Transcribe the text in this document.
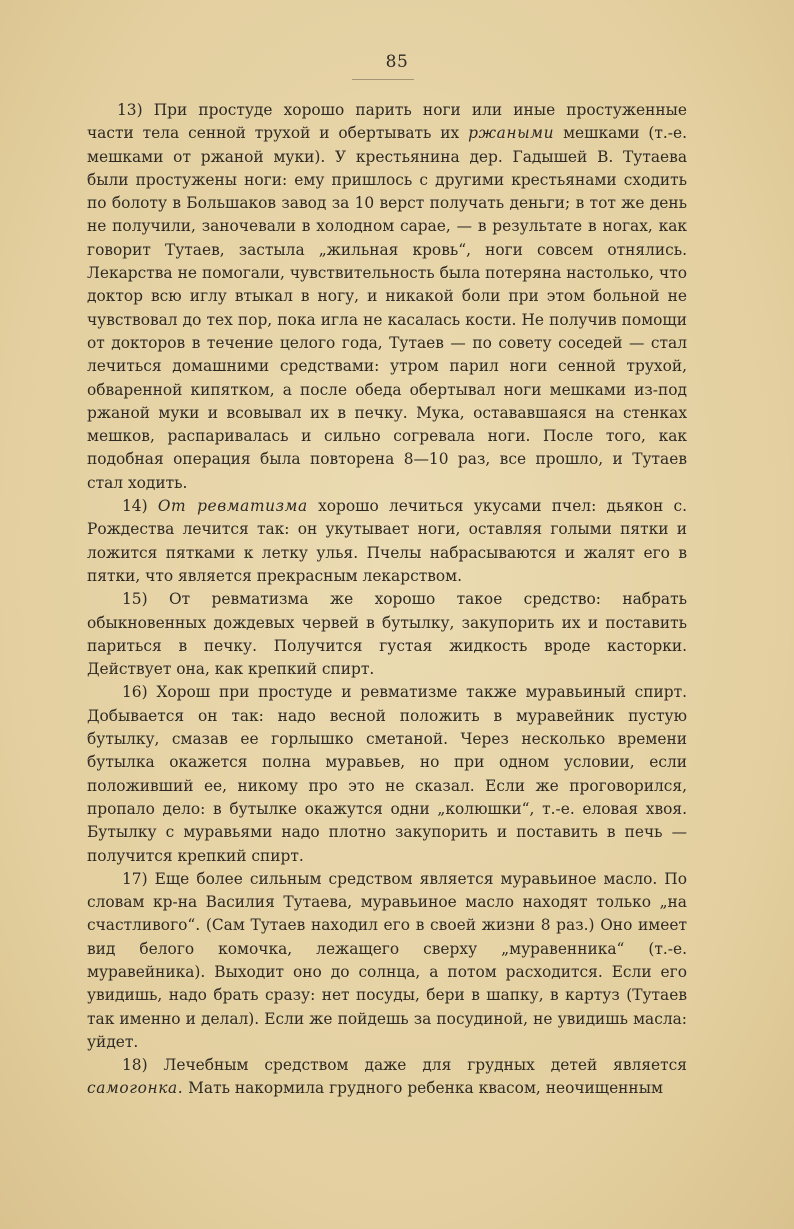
85

13) При простуде хорошо парить ноги или иные простуженные части тела сенной трухой и обертывать их ржаными мешками (т.-е. мешками от ржаной муки). У крестьянина дер. Гадышей В. Тутаева были простужены ноги: ему пришлось с другими крестьянами сходить по болоту в Большаков завод за 10 верст получать деньги; в тот же день не получили, заночевали в холодном сарае, — в результате в ногах, как говорит Тутаев, застыла „жильная кровь“, ноги совсем отнялись. Лекарства не помогали, чувствительность была потеряна настолько, что доктор всю иглу втыкал в ногу, и никакой боли при этом больной не чувствовал до тех пор, пока игла не касалась кости. Не получив помощи от докторов в течение целого года, Тутаев — по совету соседей — стал лечиться домашними средствами: утром парил ноги сенной трухой, обваренной кипятком, а после обеда обертывал ноги мешками из-под ржаной муки и всовывал их в печку. Мука, остававшаяся на стенках мешков, распаривалась и сильно согревала ноги. После того, как подобная операция была повторена 8—10 раз, все прошло, и Тутаев стал ходить.

14) От ревматизма хорошо лечиться укусами пчел: дьякон с. Рождества лечится так: он укутывает ноги, оставляя голыми пятки и ложится пятками к летку улья. Пчелы набрасываются и жалят его в пятки, что является прекрасным лекарством.

15) От ревматизма же хорошо такое средство: набрать обыкновенных дождевых червей в бутылку, закупорить их и поставить париться в печку. Получится густая жидкость вроде касторки. Действует она, как крепкий спирт.

16) Хорош при простуде и ревматизме также муравьиный спирт. Добывается он так: надо весной положить в муравейник пустую бутылку, смазав ее горлышко сметаной. Через несколько времени бутылка окажется полна муравьев, но при одном условии, если положивший ее, никому про это не сказал. Если же проговорился, пропало дело: в бутылке окажутся одни „колюшки“, т.-е. еловая хвоя. Бутылку с муравьями надо плотно закупорить и поставить в печь — получится крепкий спирт.

17) Еще более сильным средством является муравьиное масло. По словам кр-на Василия Тутаева, муравьиное масло находят только „на счастливого“. (Сам Тутаев находил его в своей жизни 8 раз.) Оно имеет вид белого комочка, лежащего сверху „муравенника“ (т.-е. муравейника). Выходит оно до солнца, а потом расходится. Если его увидишь, надо брать сразу: нет посуды, бери в шапку, в картуз (Тутаев так именно и делал). Если же пойдешь за посудиной, не увидишь масла: уйдет.

18) Лечебным средством даже для грудных детей является самогонка. Мать накормила грудного ребенка квасом, неочищенным
